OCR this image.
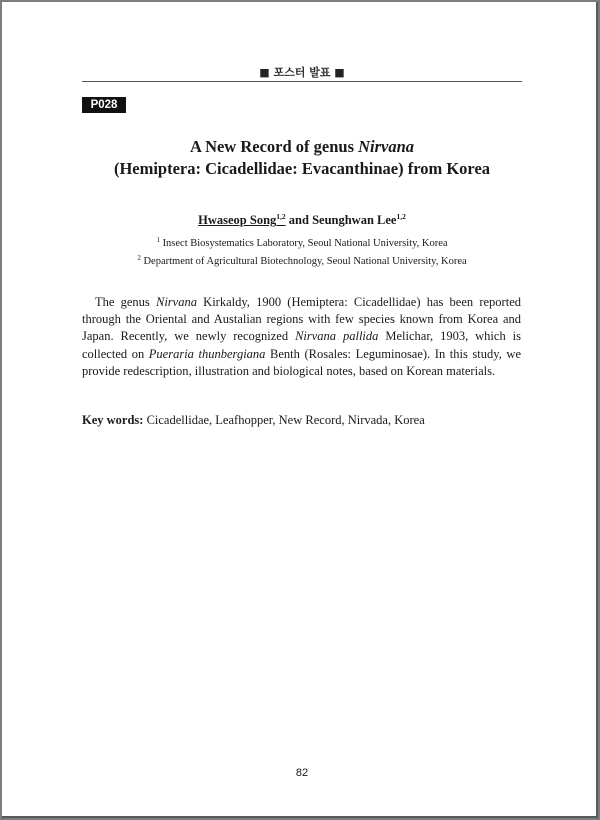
■ 포스터 발표 ■
P028
A New Record of genus Nirvana
(Hemiptera: Cicadellidae: Evacanthinae) from Korea
Hwaseop Song$^{1,2}$ and Seunghwan Lee$^{1,2}$
$^1$ Insect Biosystematics Laboratory, Seoul National University, Korea
$^2$ Department of Agricultural Biotechnology, Seoul National University, Korea

The genus Nirvana Kirkaldy, 1900 (Hemiptera: Cicadellidae) has been reported through the Oriental and Austalian regions with few species known from Korea and Japan. Recently, we newly recognized Nirvana pallida Melichar, 1903, which is collected on Pueraria thunbergiana Benth (Rosales: Leguminosae). In this study, we provide redescription, illustration and biological notes, based on Korean materials.

Key words: Cicadellidae, Leafhopper, New Record, Nirvada, Korea
82
